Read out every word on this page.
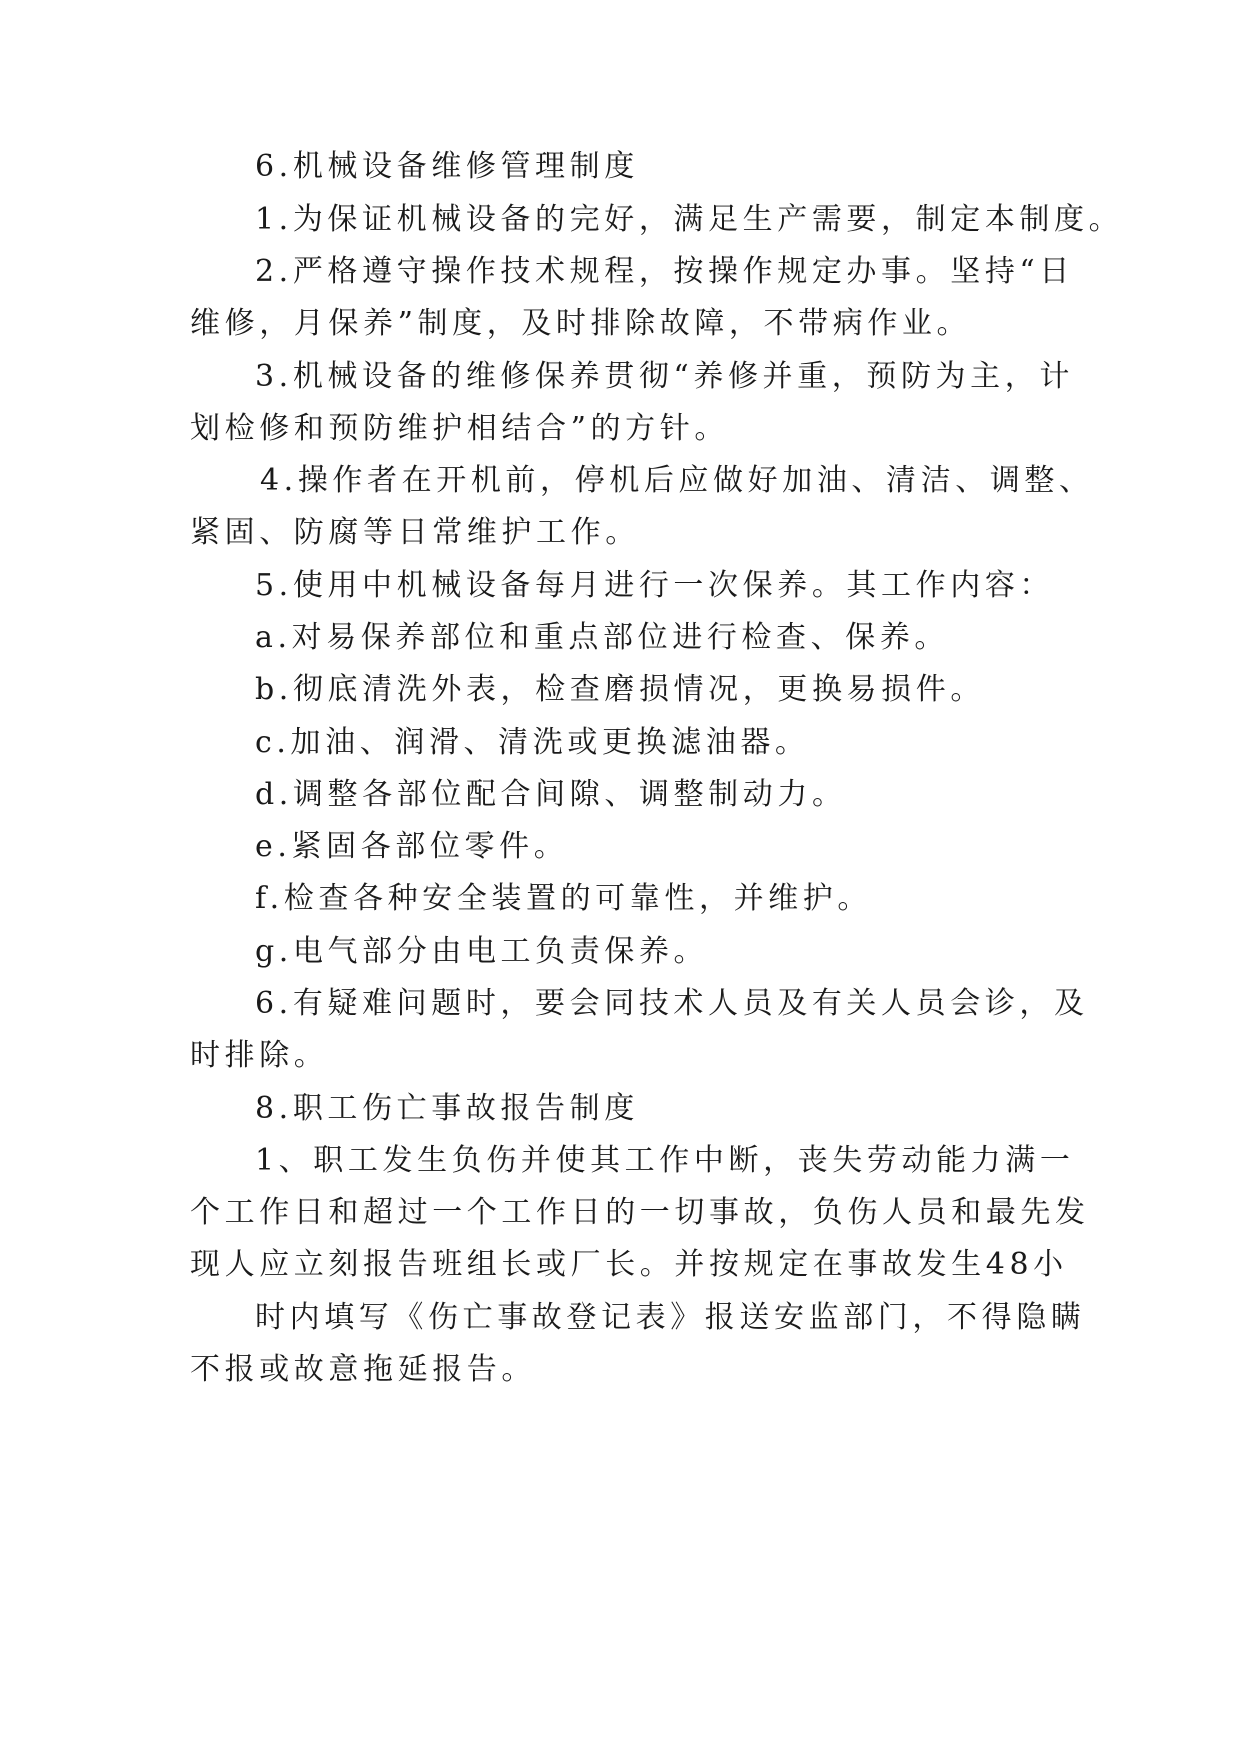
6.机械设备维修管理制度
1.为保证机械设备的完好，满足生产需要，制定本制度。
2.严格遵守操作技术规程，按操作规定办事。坚持“日
维修，月保养”制度，及时排除故障，不带病作业。
3.机械设备的维修保养贯彻“养修并重，预防为主，计
划检修和预防维护相结合”的方针。
4.操作者在开机前，停机后应做好加油、清洁、调整、
紧固、防腐等日常维护工作。
5.使用中机械设备每月进行一次保养。其工作内容：
a.对易保养部位和重点部位进行检查、保养。
b.彻底清洗外表，检查磨损情况，更换易损件。
c.加油、润滑、清洗或更换滤油器。
d.调整各部位配合间隙、调整制动力。
e.紧固各部位零件。
f.检查各种安全装置的可靠性，并维护。
g.电气部分由电工负责保养。
6.有疑难问题时，要会同技术人员及有关人员会诊，及
时排除。
8.职工伤亡事故报告制度
1、职工发生负伤并使其工作中断，丧失劳动能力满一
个工作日和超过一个工作日的一切事故，负伤人员和最先发
现人应立刻报告班组长或厂长。并按规定在事故发生48小
时内填写《伤亡事故登记表》报送安监部门，不得隐瞒
不报或故意拖延报告。
